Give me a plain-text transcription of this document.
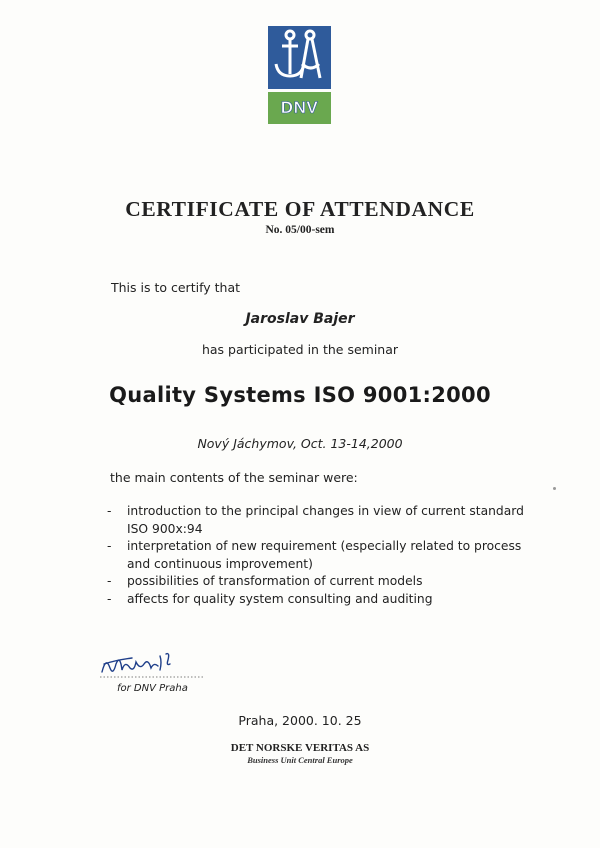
DNV
CERTIFICATE OF ATTENDANCE
No. 05/00-sem
This is to certify that
Jaroslav Bajer
has participated in the seminar
Quality Systems ISO 9001:2000
Nový Jáchymov, Oct. 13-14,2000
the main contents of the seminar were:
- introduction to the principal changes in view of current standard ISO 900x:94
- interpretation of new requirement (especially related to process and continuous improvement)
- possibilities of transformation of current models
- affects for quality system consulting and auditing
for DNV Praha
Praha, 2000. 10. 25
DET NORSKE VERITAS AS
Business Unit Central Europe
